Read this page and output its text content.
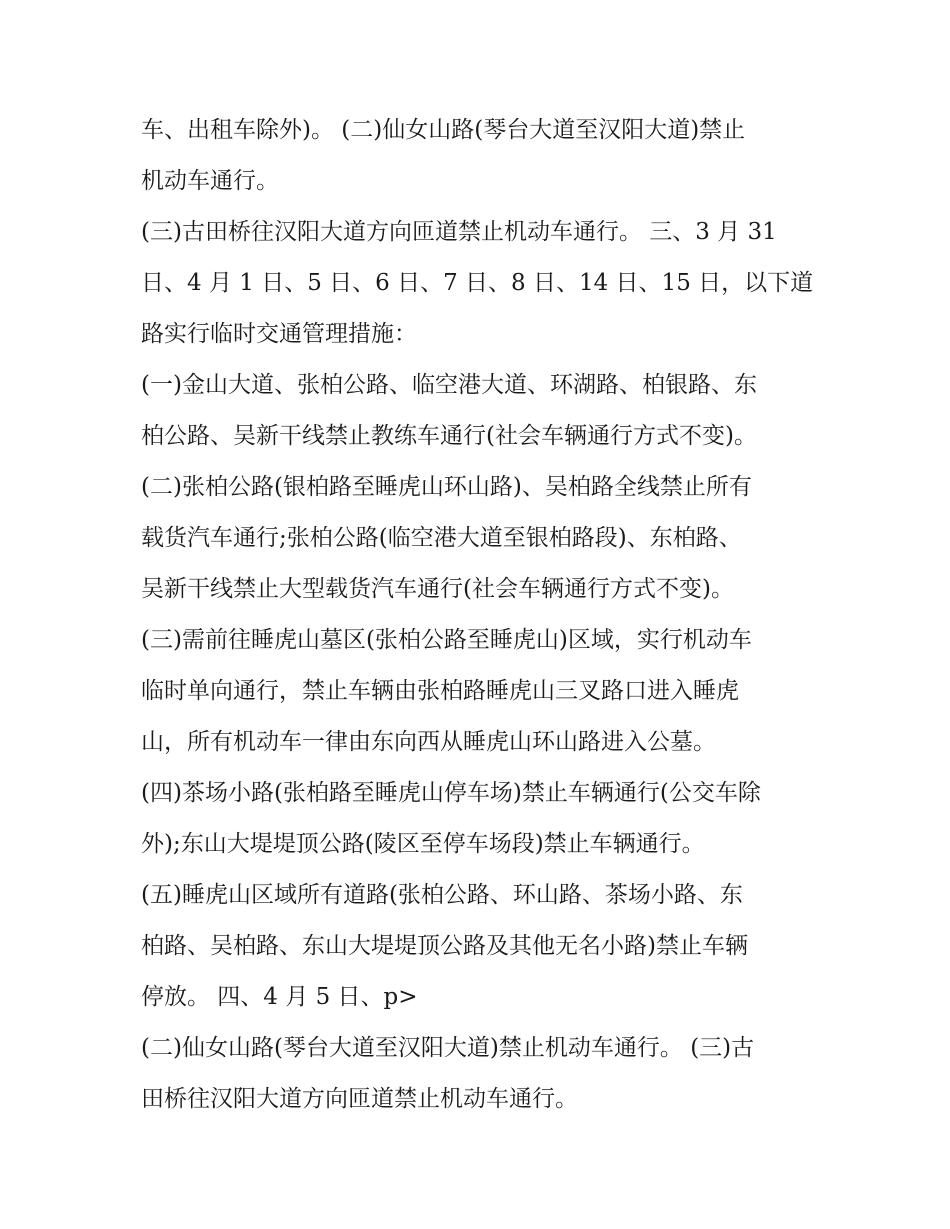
车、出租车除外)。 (二)仙女山路(琴台大道至汉阳大道)禁止

机动车通行。

(三)古田桥往汉阳大道方向匝道禁止机动车通行。 三、3 月 31

日、4 月 1 日、5 日、6 日、7 日、8 日、14 日、15 日，以下道

路实行临时交通管理措施：

(一)金山大道、张柏公路、临空港大道、环湖路、柏银路、东

柏公路、吴新干线禁止教练车通行(社会车辆通行方式不变)。

(二)张柏公路(银柏路至睡虎山环山路)、吴柏路全线禁止所有

载货汽车通行;张柏公路(临空港大道至银柏路段)、东柏路、

吴新干线禁止大型载货汽车通行(社会车辆通行方式不变)。

(三)需前往睡虎山墓区(张柏公路至睡虎山)区域，实行机动车

临时单向通行，禁止车辆由张柏路睡虎山三叉路口进入睡虎

山，所有机动车一律由东向西从睡虎山环山路进入公墓。

(四)茶场小路(张柏路至睡虎山停车场)禁止车辆通行(公交车除

外);东山大堤堤顶公路(陵区至停车场段)禁止车辆通行。

(五)睡虎山区域所有道路(张柏公路、环山路、茶场小路、东

柏路、吴柏路、东山大堤堤顶公路及其他无名小路)禁止车辆

停放。 四、4 月 5 日、p>

(二)仙女山路(琴台大道至汉阳大道)禁止机动车通行。 (三)古

田桥往汉阳大道方向匝道禁止机动车通行。
